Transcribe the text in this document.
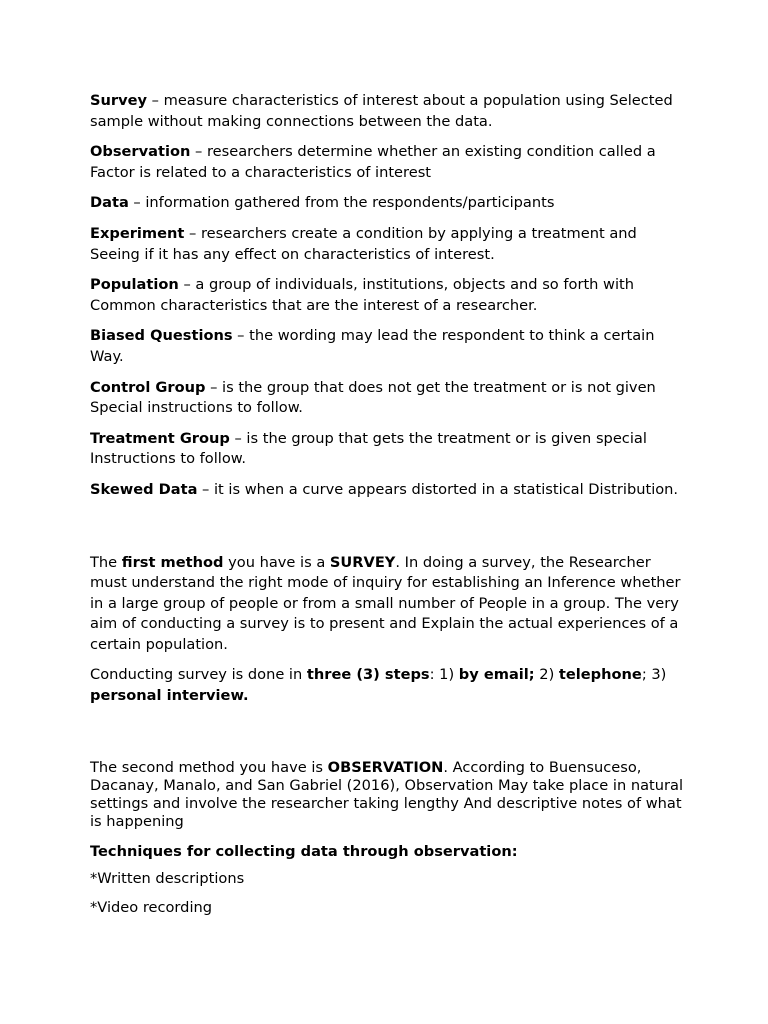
Survey – measure characteristics of interest about a population using Selected sample without making connections between the data.

Observation – researchers determine whether an existing condition called a Factor is related to a characteristics of interest

Data – information gathered from the respondents/participants

Experiment – researchers create a condition by applying a treatment and Seeing if it has any effect on characteristics of interest.

Population – a group of individuals, institutions, objects and so forth with Common characteristics that are the interest of a researcher.

Biased Questions – the wording may lead the respondent to think a certain Way.

Control Group – is the group that does not get the treatment or is not given Special instructions to follow.

Treatment Group – is the group that gets the treatment or is given special Instructions to follow.

Skewed Data – it is when a curve appears distorted in a statistical Distribution.

The first method you have is a SURVEY. In doing a survey, the Researcher must understand the right mode of inquiry for establishing an Inference whether in a large group of people or from a small number of People in a group. The very aim of conducting a survey is to present and Explain the actual experiences of a certain population.

Conducting survey is done in three (3) steps: 1) by email; 2) telephone; 3) personal interview.

The second method you have is OBSERVATION. According to Buensuceso, Dacanay, Manalo, and San Gabriel (2016), Observation May take place in natural settings and involve the researcher taking lengthy And descriptive notes of what is happening

Techniques for collecting data through observation:

*Written descriptions

*Video recording
